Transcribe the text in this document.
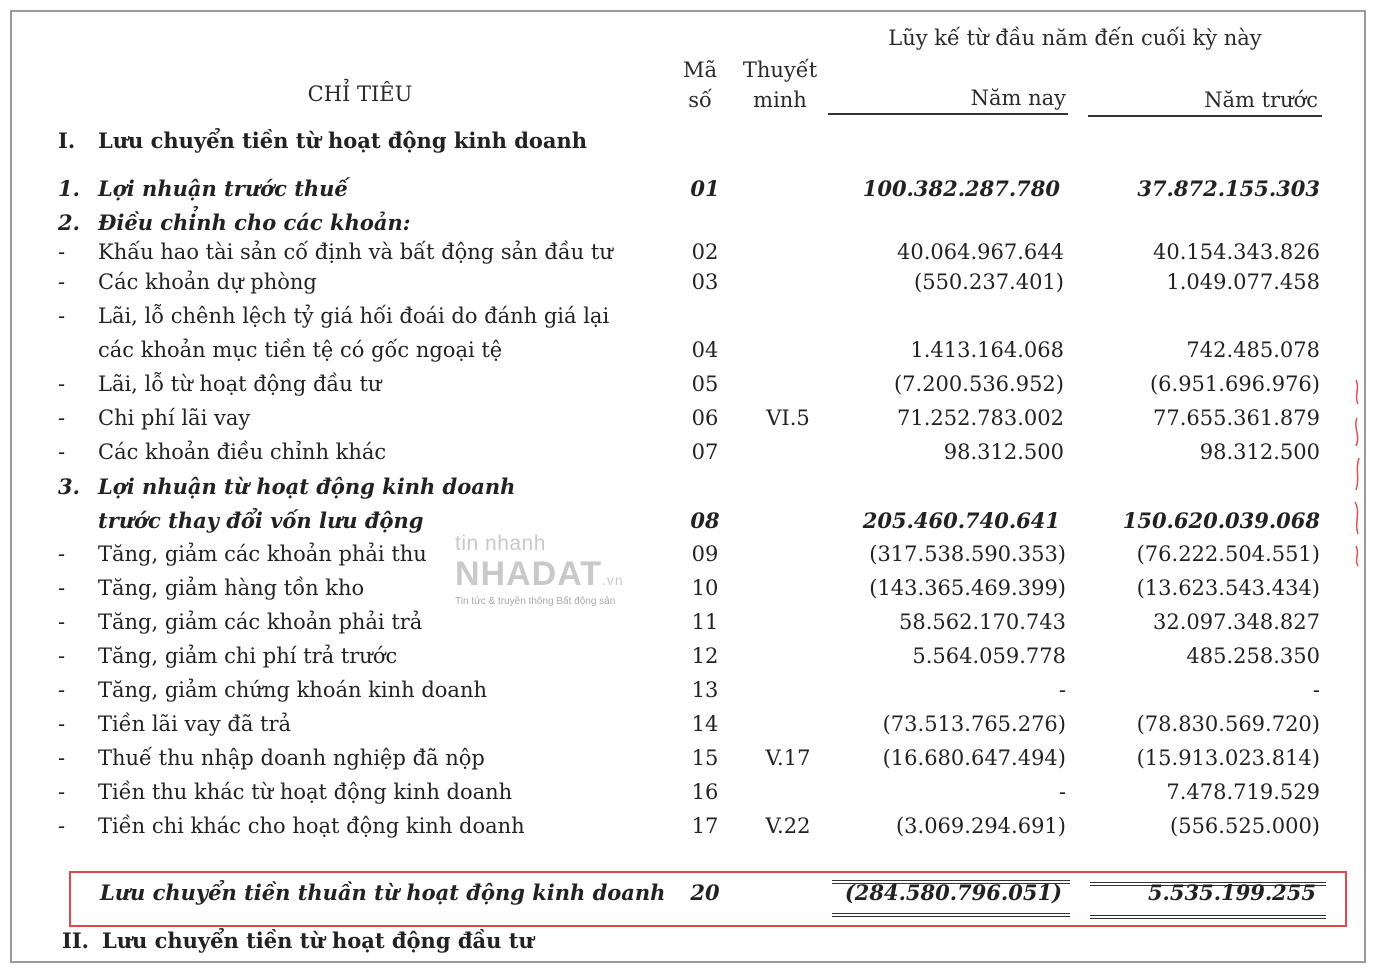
Lũy kế từ đầu năm đến cuối kỳ này
CHỈ TIÊU
Mã
số
Thuyết
minh	Năm nay	Năm trước
I.	Lưu chuyển tiền từ hoạt động kinh doanh
1. Lợi nhuận trước thuế	01	100.382.287.780	37.872.155.303
2. Điều chỉnh cho các khoản:
-	Khấu hao tài sản cố định và bất động sản đầu tư	02	40.064.967.644	40.154.343.826
-	Các khoản dự phòng	03	(550.237.401)	1.049.077.458
-	Lãi, lỗ chênh lệch tỷ giá hối đoái do đánh giá lại
các khoản mục tiền tệ có gốc ngoại tệ	04	1.413.164.068	742.485.078
-	Lãi, lỗ từ hoạt động đầu tư	05	(7.200.536.952)	(6.951.696.976)
-	Chi phí lãi vay	06	VI.5	71.252.783.002	77.655.361.879
-	Các khoản điều chỉnh khác	07	98.312.500	98.312.500
3. Lợi nhuận từ hoạt động kinh doanh
trước thay đổi vốn lưu động	08	205.460.740.641	150.620.039.068
-	Tăng, giảm các khoản phải thu	09	(317.538.590.353)	(76.222.504.551)
-	Tăng, giảm hàng tồn kho	10	(143.365.469.399)	(13.623.543.434)
-	Tăng, giảm các khoản phải trả	11	58.562.170.743	32.097.348.827
-	Tăng, giảm chi phí trả trước	12	5.564.059.778	485.258.350
-	Tăng, giảm chứng khoán kinh doanh	13	-	-
-	Tiền lãi vay đã trả	14	(73.513.765.276)	(78.830.569.720)
-	Thuế thu nhập doanh nghiệp đã nộp	15	V.17	(16.680.647.494)	(15.913.023.814)
-	Tiền thu khác từ hoạt động kinh doanh	16	-	7.478.719.529
-	Tiền chi khác cho hoạt động kinh doanh	17	V.22	(3.069.294.691)	(556.525.000)
Lưu chuyển tiền thuần từ hoạt động kinh doanh	20	(284.580.796.051)	5.535.199.255
II. Lưu chuyển tiền từ hoạt động đầu tư
tin nhanh
NHADAT.vn
Tin tức & truyền thông Bất động sản
